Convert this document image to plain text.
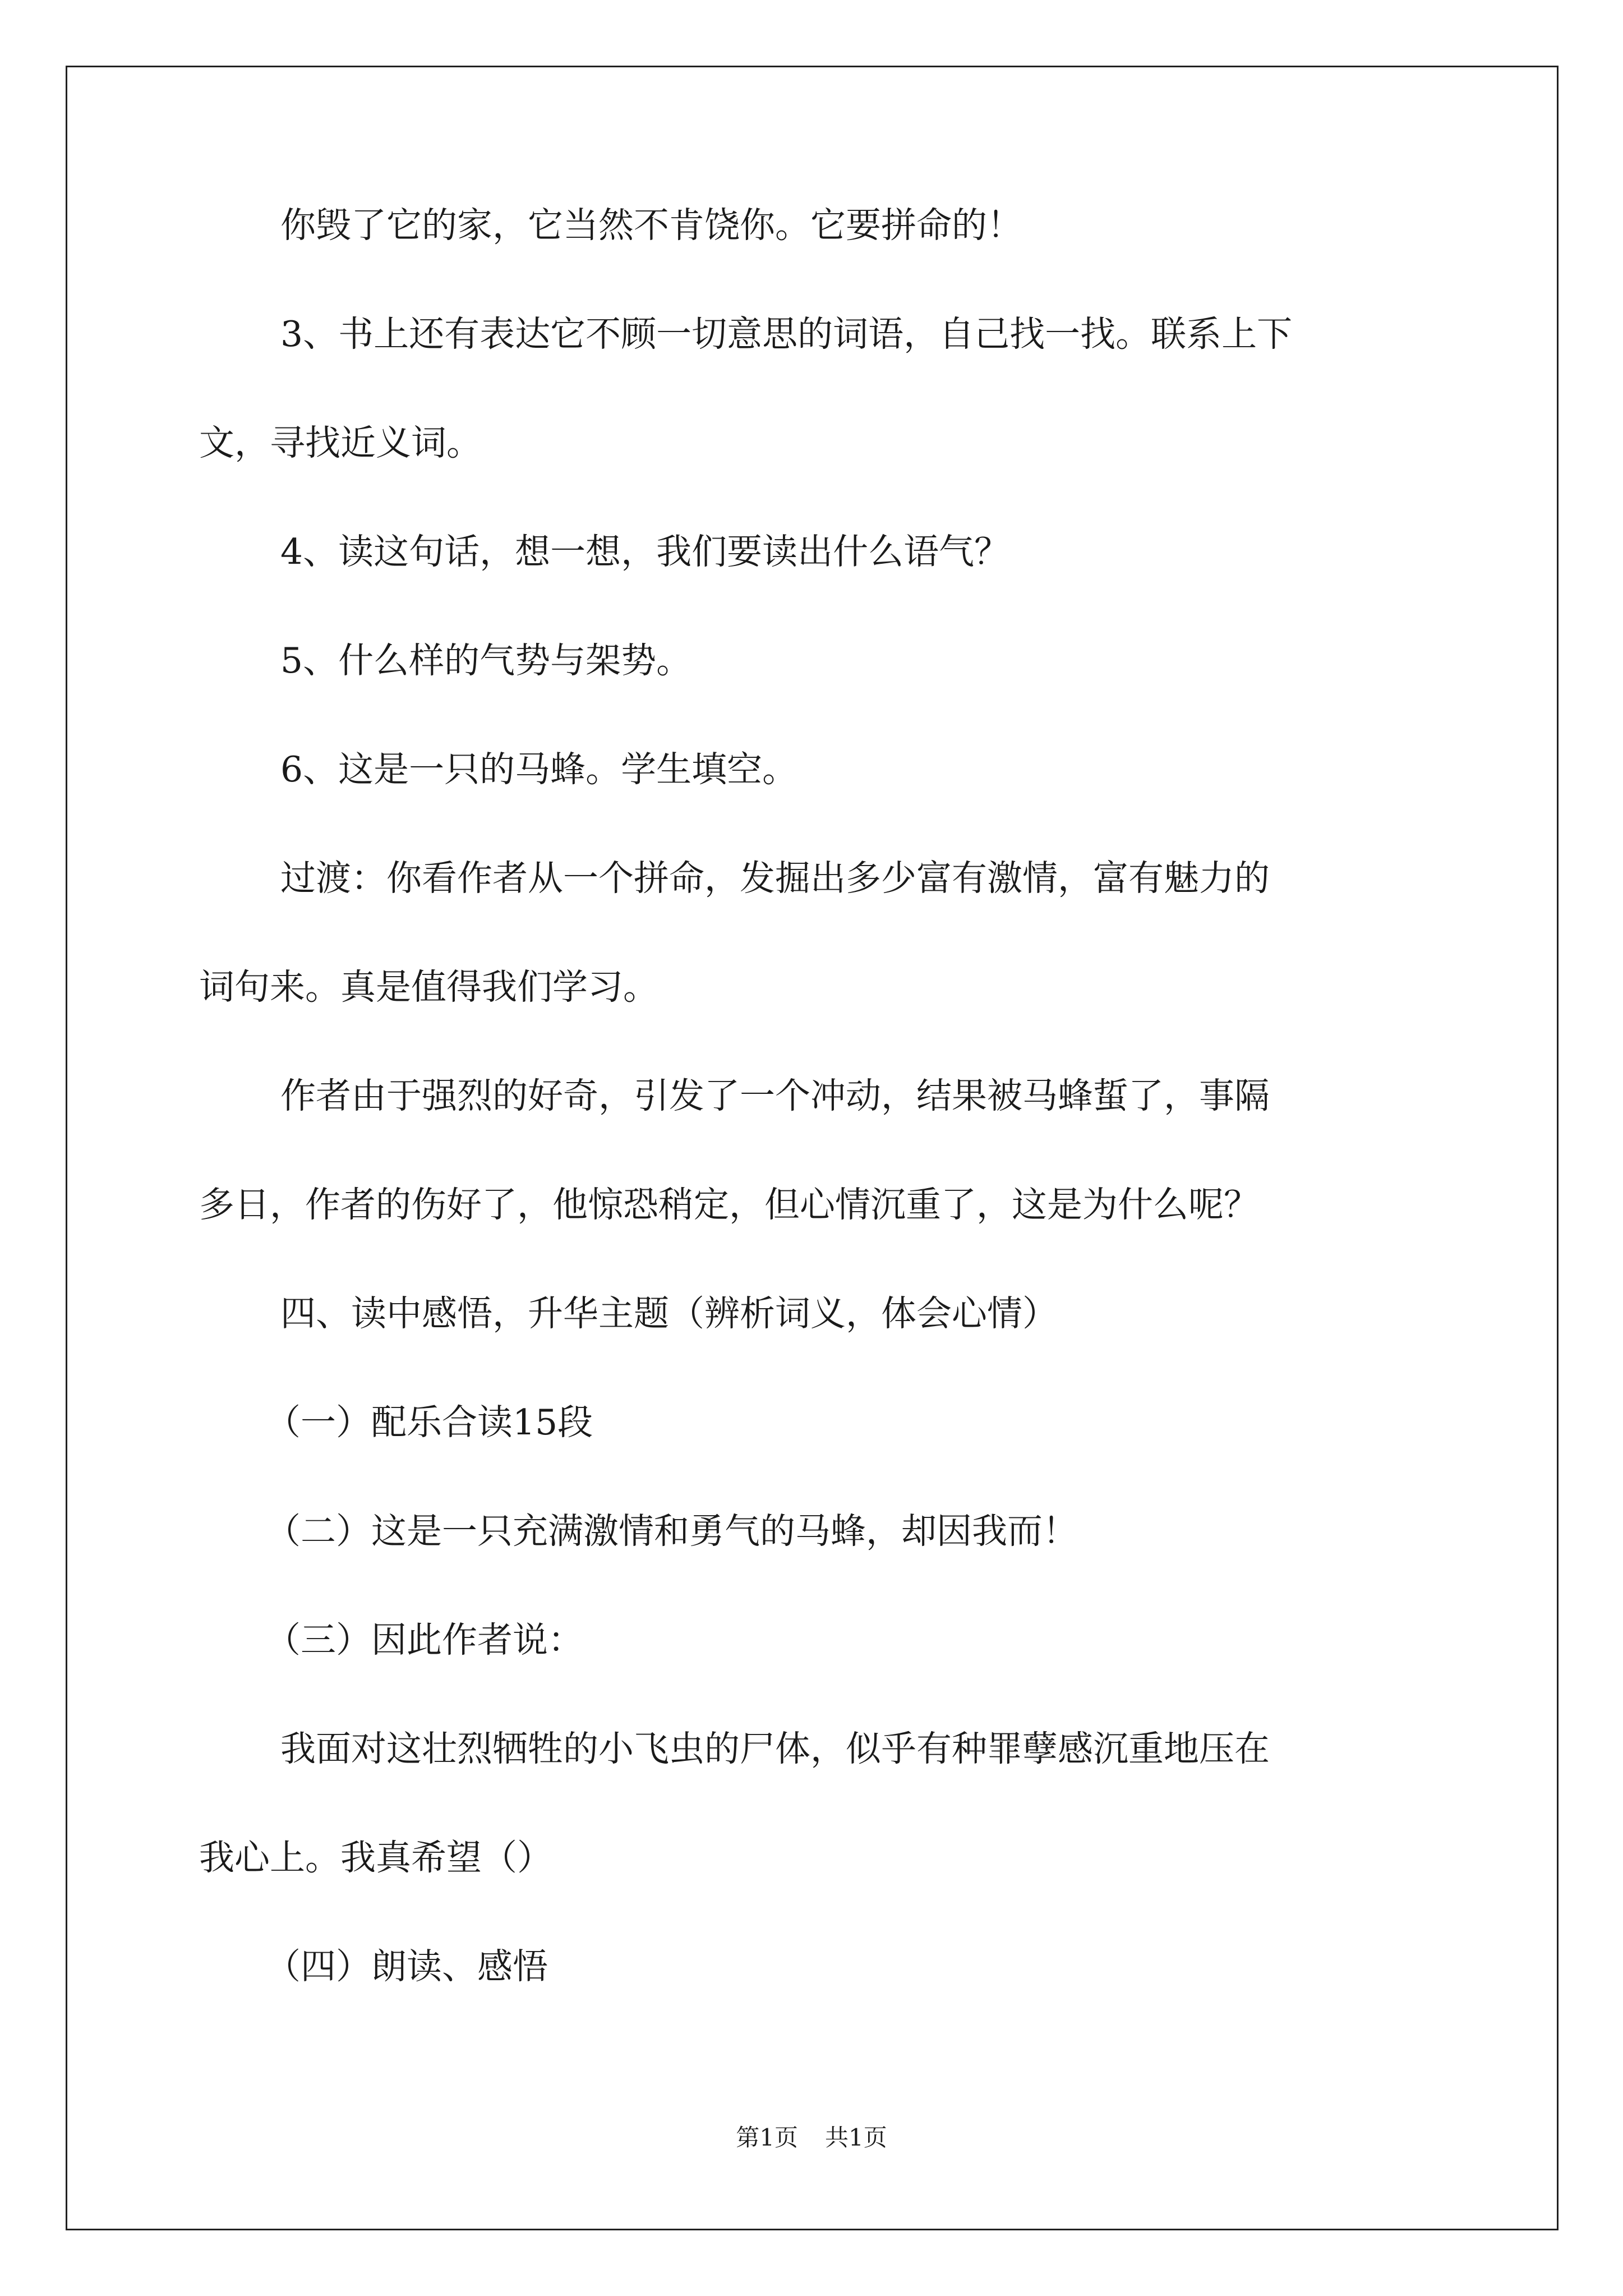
你毁了它的家，它当然不肯饶你。它要拼命的！

3、书上还有表达它不顾一切意思的词语，自己找一找。联系上下
文，寻找近义词。

4、读这句话，想一想，我们要读出什么语气？

5、什么样的气势与架势。

6、这是一只的马蜂。学生填空。

过渡：你看作者从一个拼命，发掘出多少富有激情，富有魅力的
词句来。真是值得我们学习。

作者由于强烈的好奇，引发了一个冲动，结果被马蜂蜇了，事隔
多日，作者的伤好了，他惊恐稍定，但心情沉重了，这是为什么呢？

四、读中感悟，升华主题（辨析词义，体会心情）

（一）配乐合读15段

（二）这是一只充满激情和勇气的马蜂，却因我而！

（三）因此作者说：

我面对这壮烈牺牲的小飞虫的尸体，似乎有种罪孽感沉重地压在
我心上。我真希望（）

（四）朗读、感悟

第1页 共1页
